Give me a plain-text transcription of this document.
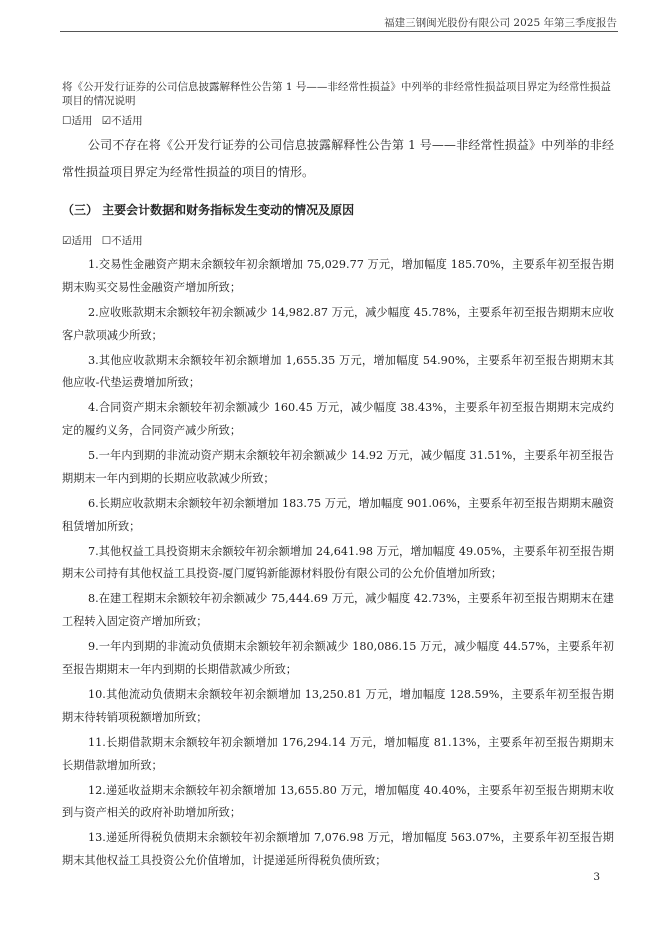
福建三钢闽光股份有限公司 2025 年第三季度报告
将《公开发行证券的公司信息披露解释性公告第 1 号——非经常性损益》中列举的非经常性损益项目界定为经常性损益项目的情况说明
☐适用 ☑不适用
公司不存在将《公开发行证券的公司信息披露解释性公告第 1 号——非经常性损益》中列举的非经常性损益项目界定为经常性损益的项目的情形。
（三） 主要会计数据和财务指标发生变动的情况及原因
☑适用 ☐不适用

1.交易性金融资产期末余额较年初余额增加 75,029.77 万元，增加幅度 185.70%，主要系年初至报告期期末购买交易性金融资产增加所致；

2.应收账款期末余额较年初余额减少 14,982.87 万元，减少幅度 45.78%，主要系年初至报告期期末应收客户款项减少所致；

3.其他应收款期末余额较年初余额增加 1,655.35 万元，增加幅度 54.90%，主要系年初至报告期期末其他应收-代垫运费增加所致；

4.合同资产期末余额较年初余额减少 160.45 万元，减少幅度 38.43%，主要系年初至报告期期末完成约定的履约义务，合同资产减少所致；

5.一年内到期的非流动资产期末余额较年初余额减少 14.92 万元，减少幅度 31.51%，主要系年初至报告期期末一年内到期的长期应收款减少所致；

6.长期应收款期末余额较年初余额增加 183.75 万元，增加幅度 901.06%，主要系年初至报告期期末融资租赁增加所致；

7.其他权益工具投资期末余额较年初余额增加 24,641.98 万元，增加幅度 49.05%，主要系年初至报告期期末公司持有其他权益工具投资-厦门厦钨新能源材料股份有限公司的公允价值增加所致；

8.在建工程期末余额较年初余额减少 75,444.69 万元，减少幅度 42.73%，主要系年初至报告期期末在建工程转入固定资产增加所致；

9.一年内到期的非流动负债期末余额较年初余额减少 180,086.15 万元，减少幅度 44.57%，主要系年初至报告期期末一年内到期的长期借款减少所致；

10.其他流动负债期末余额较年初余额增加 13,250.81 万元，增加幅度 128.59%，主要系年初至报告期期末待转销项税额增加所致；

11.长期借款期末余额较年初余额增加 176,294.14 万元，增加幅度 81.13%，主要系年初至报告期期末长期借款增加所致；

12.递延收益期末余额较年初余额增加 13,655.80 万元，增加幅度 40.40%，主要系年初至报告期期末收到与资产相关的政府补助增加所致；

13.递延所得税负债期末余额较年初余额增加 7,076.98 万元，增加幅度 563.07%，主要系年初至报告期期末其他权益工具投资公允价值增加，计提递延所得税负债所致；

3
